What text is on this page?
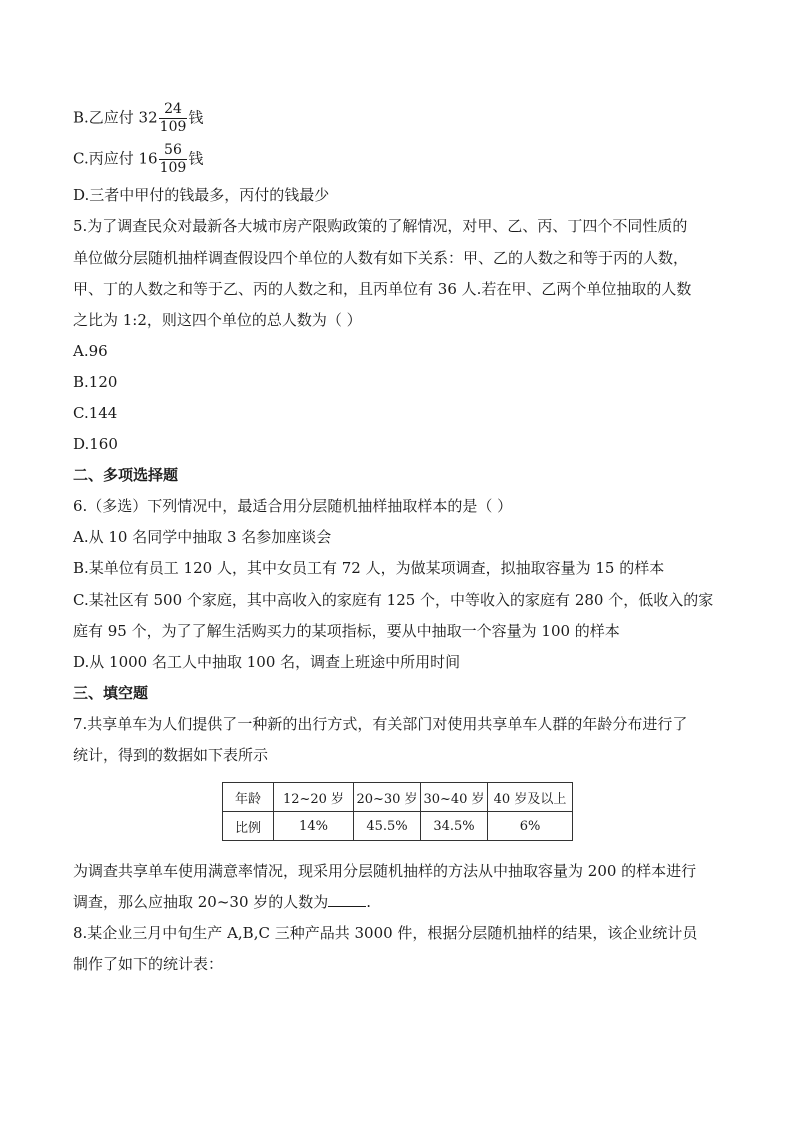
B.乙应付 $32 \frac{24}{109}$ 钱
C.丙应付 $16 \frac{56}{109}$ 钱
D.三者中甲付的钱最多，丙付的钱最少
5.为了调查民众对最新各大城市房产限购政策的了解情况，对甲、乙、丙、丁四个不同性质的
单位做分层随机抽样调查假设四个单位的人数有如下关系：甲、乙的人数之和等于丙的人数，
甲、丁的人数之和等于乙、丙的人数之和，且丙单位有 36 人.若在甲、乙两个单位抽取的人数
之比为 1:2，则这四个单位的总人数为（ ）
A.96
B.120
C.144
D.160
二、多项选择题
6.（多选）下列情况中，最适合用分层随机抽样抽取样本的是（ ）
A.从 10 名同学中抽取 3 名参加座谈会
B.某单位有员工 120 人，其中女员工有 72 人，为做某项调查，拟抽取容量为 15 的样本
C.某社区有 500 个家庭，其中高收入的家庭有 125 个，中等收入的家庭有 280 个，低收入的家
庭有 95 个，为了了解生活购买力的某项指标，要从中抽取一个容量为 100 的样本
D.从 1000 名工人中抽取 100 名，调查上班途中所用时间
三、填空题
7.共享单车为人们提供了一种新的出行方式，有关部门对使用共享单车人群的年龄分布进行了
统计，得到的数据如下表所示
年龄	12~20 岁	20~30 岁	30~40 岁	40 岁及以上
比例	14%	45.5%	34.5%	6%
为调查共享单车使用满意率情况，现采用分层随机抽样的方法从中抽取容量为 200 的样本进行
调查，那么应抽取 20~30 岁的人数为	.
8.某企业三月中旬生产 A,B,C 三种产品共 3000 件，根据分层随机抽样的结果，该企业统计员
制作了如下的统计表：
